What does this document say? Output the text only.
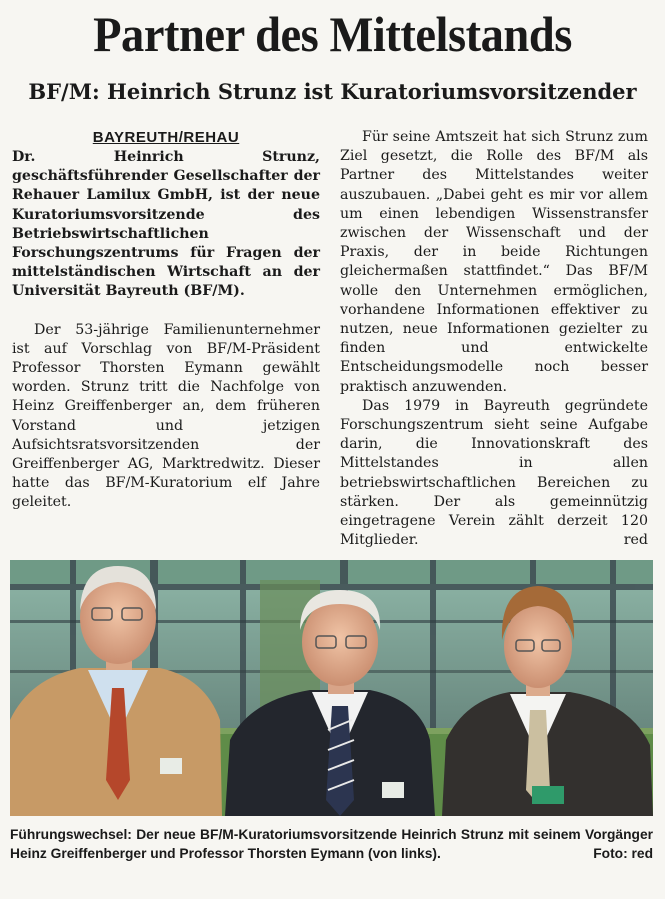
Partner des Mittelstands
BF/M: Heinrich Strunz ist Kuratoriumsvorsitzender

BAYREUTH/REHAU

Dr. Heinrich Strunz, geschäftsführender Gesellschafter der Rehauer Lamilux GmbH, ist der neue Kuratoriumsvorsitzende des Betriebswirtschaftlichen Forschungszentrums für Fragen der mittelständischen Wirtschaft an der Universität Bayreuth (BF/M).

Der 53-jährige Familienunternehmer ist auf Vorschlag von BF/M-Präsident Professor Thorsten Eymann gewählt worden. Strunz tritt die Nachfolge von Heinz Greiffenberger an, dem früheren Vorstand und jetzigen Aufsichtsratsvorsitzenden der Greiffenberger AG, Marktredwitz. Dieser hatte das BF/M-Kuratorium elf Jahre geleitet.

Für seine Amtszeit hat sich Strunz zum Ziel gesetzt, die Rolle des BF/M als Partner des Mittelstandes weiter auszubauen. „Dabei geht es mir vor allem um einen lebendigen Wissenstransfer zwischen der Wissenschaft und der Praxis, der in beide Richtungen gleichermaßen stattfindet.“ Das BF/M wolle den Unternehmen ermöglichen, vorhandene Informationen effektiver zu nutzen, neue Informationen gezielter zu finden und entwickelte Entscheidungsmodelle noch besser praktisch anzuwenden.

Das 1979 in Bayreuth gegründete Forschungszentrum sieht seine Aufgabe darin, die Innovationskraft des Mittelstandes in allen betriebswirtschaftlichen Bereichen zu stärken. Der als gemeinnützig eingetragene Verein zählt derzeit 120 Mitglieder.	red
Führungswechsel: Der neue BF/M-Kuratoriumsvorsitzende Heinrich Strunz mit seinem Vorgänger Heinz Greiffenberger und Professor Thorsten Eymann (von links).	Foto: red
